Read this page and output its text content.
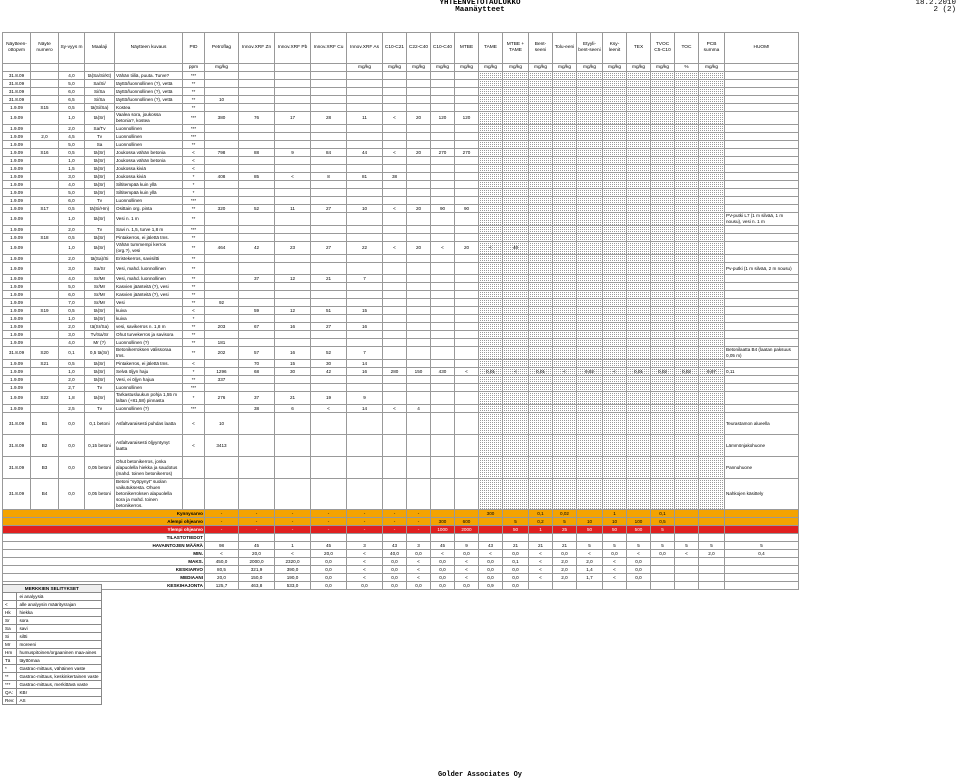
YHTEENVETOTAULUKKO
Maanäytteet
18.2.2010
2 (2)
Näytteen-ottopvm	Näyte numero	Sy-vyys m	Maalaji	Näytteen kuvaus	PID	Petroflag	Innov.XRF Zn	Innov.XRF Pb	Innov.XRF Cu	Innov.XRF As	C10-C21	C22-C40	C10-C40	MTBE	TAME	MTBE + TAME	Bent-seeni	Tolu-eeni	Etyyli-bent-seeni	Ksy-leenit	TEX	TVOC C5-C10	TOC	PCB summa	HUOM!
					ppm	mg/kg				mg/kg	mg/kg	mg/kg	mg/kg	mg/kg	mg/kg	mg/kg	mg/kg	mg/kg	mg/kg	mg/kg	mg/kg	mg/kg	%	mg/kg	
31.8.09		4,0	tä(Sa/Si/Kt)	Vähän tiiliä, puuta. Turve?	***																				
31.8.09		5,0	Sa/Si/	täyttö/luonnollinen (?), vettä	**																				
31.8.09		6,0	Si/Sa	täyttö/luonnollinen (?), vettä	**																				
31.8.09		6,5	Si/Sa	täyttö/luonnollinen (?), vettä	**	10																			
1.9.09	S15	0,5	tä(Si/Sa)	Kostea	**																				
1.9.09		1,0	tä(Sr)	Vaalea sora, joukossa betonia?, kostea	***	380	76	17	28	11	<	20	120	120											
1.9.09		2,0	Sa/Tv	Luonnollinen	***																				
1.9.09	2,0	4,5	Tv	Luonnollinen	***																				
1.9.09		5,0	Sa	Luonnollinen	**																				
1.9.09	S16	0,5	tä(Sr)	Joukossa vähän betonia	<	798	88	9	84	44	<	20	270	270											
1.9.09		1,0	tä(Sr)	Joukossa vähän betonia	<																				
1.9.09		1,5	tä(Sr)	Joukossa kiviä	<																				
1.9.09		3,0	tä(Sr)	Joukossa kiviä	*	408	85	<	8	81	38														
1.9.09		4,0	tä(Sr)	Siltitempää kuin yllä	*																				
1.9.09		5,0	tä(Sr)	Siltitempää kuin yllä	*																				
1.9.09		6,0	Tv	Luonnollinen	***																				
1.9.09	S17	0,5	tä(Si/Hm)	Osittain org. pinta	**	320	52	11	27	10	<	20	90	90											
1.9.09		1,0	tä(Sr)	Vesi n. 1 m	**																				PV-putki L7 (1 m silvää, 1 m nousu), vesi n. 1 m
1.9.09		2,0	Tv	Savi n. 1,5, turve 1,8 m	***																				
1.9.09	S18	0,5	tä(Sr)	Pintakerros, ei jälettä tms.	**																				
1.9.09		1,0	tä(Sr)	Vähän tummempi kerros (org.?), vesi	**	464	42	23	27	22	<	20	<	20	<	40									
1.9.09		2,0	tä(Sa)/Si	Eristekerros, savisiltti	**																				
1.9.09		3,0	Sa/Sr	Vesi, mahd. luonnollinen	**																				Pv-putki (1 m silvää, 2 m nousu)
1.9.09		4,0	Sr/Mr	Vesi, mahd. luonnollinen	**		37	12	21	7															
1.9.09		5,0	Sr/Mr	Kasvien jäänteitä (?), vesi	**																				
1.9.09		6,0	Sr/Mr	Kasvien jäänteitä (?), vesi	**																				
1.9.09		7,0	Sr/Mr	Vesi	**	92																			
1.9.09	S19	0,5	tä(Sr)	kuiva	<		59	12	51	15															
1.9.09		1,0	tä(Sr)	kuiva	*																				
1.9.09		2,0	tä(Sr/Sa)	vesi, savikerros n. 1,8 m	**	203	67	16	27	16															
1.9.09		3,0	Tv/Sa/Sr	Ohut turvekerros ja savisora	**																				
1.9.09		4,0	Mr (?)	Luonnollinen (?)	**	181																			
31.8.09	S20	0,1	0,5 tä(Sr)	Betonikerroksen välissoraa tms.	**	202	57	16	52	7															Betonilaatta B4 (laatan paksuus 0,05 m)
1.9.09	S21	0,5	tä(Sr)	Pintakerros, ei jälettä tms.	<		70	15	30	14															
1.9.09		1,0	tä(Sr)	Selvä öljyn haju	*	1296	68	30	42	16	280	150	430	<	0,01	<	0,01	<	0,02	<	0,01	0,02	0,02	0,07	0,11
1.9.09		2,0	tä(Sr)	Vesi, ei öljyn hajua	**	337																			
1.9.09		2,7	Tv	Luonnollinen	***																				
1.9.09	S22	1,8	tä(Sr)	Tarkastusluukun pohja 1,55 m laltan (+81,58) pinnasta	*	276	37	21	19	9															
1.9.09		2,5	Tv	Luonnollinen (?)	***		38	6	<	14	<	4													
31.8.09	B1	0,0	0,1 betoni	Asfaltvaraisesti puhdas laatta	<	10																			Teurastamon alueella
31.8.09	B2	0,0	0,15 betoni	Asfaltvaraisesti öljyyntynyt laatta	<	3413																			Lämmönjakohuone
31.8.09	B3	0,0	0,05 betoni	Ohut betonikerros, jonka alapuolella hiekka ja saudotus (mahd. toinen betonikerros)																					Pannuhuone
31.8.09	B4	0,0	0,05 betoni	Betoni "syöpynyt" suolan vaikutuksesta. Ohuen betonikerroksen alapuolella sora ja mahd. toinen betonikerros.																					Nahkojen käsittely
Kynnysarvo						-	-	-	-	-	-	-			300		0,1	0,02		1		0,1			
Alempi ohjearvo						-	-	-	-	-	-	-	300	600		5	0,2	5	10	10	100	0,5			
Ylempi ohjearvo						-	-	-	-	-	-	-	1000	2000		50	1	25	50	50	500	5			
TILASTOTIEDOT																									
HAVAINTOJEN MÄÄRÄ						98	45	1	45	3	43	3	45	9	43	21	21	21	5	5	5	5	5	5	5
MIN.						<	20,0	<	20,0	<	40,0	0,0	<	0,0	<	0,0	<	0,0	<	0,0	<	0,0	<	2,0	0,4
MAKS.						450,0	2000,0	2320,0	0,0	<	0,0	<	0,0	<	0,0	0,1	<	2,0	2,0	<	0,0				
KESKIARVO						80,5	321,9	390,0	0,0	<	0,0	<	0,0	<	0,0	0,0	<	2,0	1,4	<	0,0				
MEDIAANI						20,0	150,0	190,0	0,0	<	0,0	<	0,0	<	0,0	0,0	<	2,0	1,7	<	0,0				
KESKIHAJONTA						125,7	463,8	533,0	0,0	0,0	0,0	0,0	0,0	0,0	0,9	0,0									
MERKKIEN SELITYKSET	
	ei analyysiä
<	alle analyysin määritysrajan
Hk	hiekka
Sr	sora
Sa	savi
Si	siltti
Mr	moreeni
Hm	humuspitoinen/orgaaninen maa-aines
Tä	täyttömaa
*	Gastrac-mittaus, vähäinen vaste
**	Gastrac-mittaus, keskinkertainen vaste
***	Gastrac-mittaus, merkittävä vaste
QA:	KBr
Rev:	AS
Golder Associates Oy
